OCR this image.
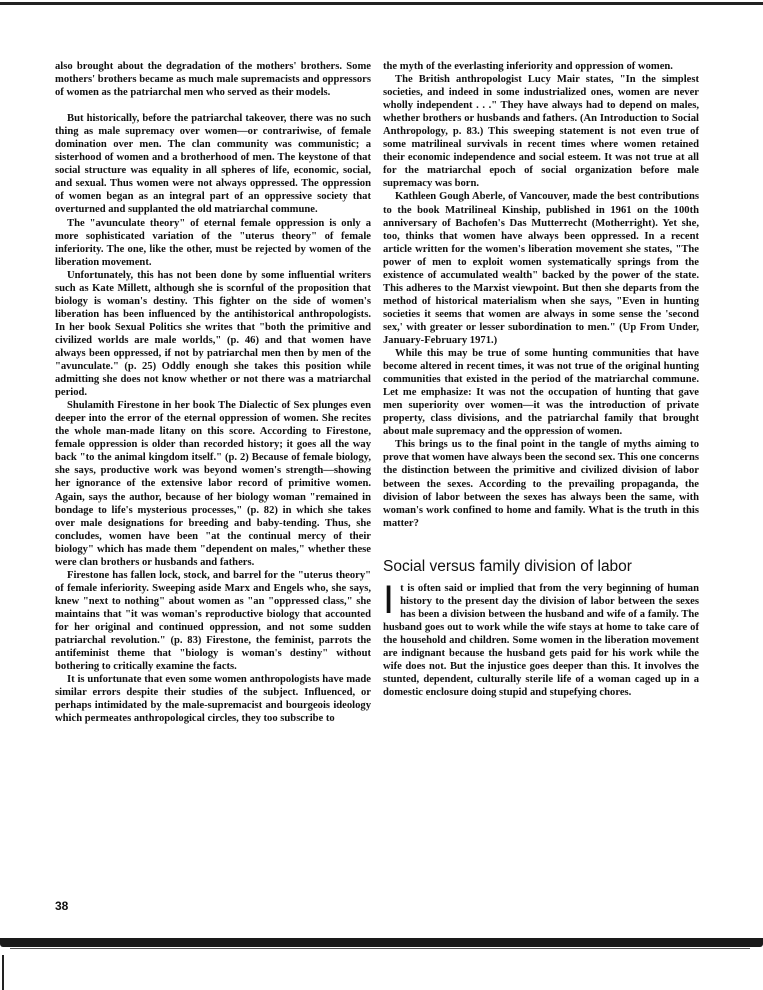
also brought about the degradation of the mothers' brothers. Some mothers' brothers became as much male supremacists and oppressors of women as the patriarchal men who served as their models.

But historically, before the patriarchal takeover, there was no such thing as male supremacy over women—or contrariwise, of female domination over men. The clan community was communistic; a sisterhood of women and a brotherhood of men. The keystone of that social structure was equality in all spheres of life, economic, social, and sexual. Thus women were not always oppressed. The oppression of women began as an integral part of an oppressive society that overturned and supplanted the old matriarchal commune.

The "avunculate theory" of eternal female oppression is only a more sophisticated variation of the "uterus theory" of female inferiority. The one, like the other, must be rejected by women of the liberation movement.

Unfortunately, this has not been done by some influential writers such as Kate Millett, although she is scornful of the proposition that biology is woman's destiny. This fighter on the side of women's liberation has been influenced by the antihistorical anthropologists. In her book Sexual Politics she writes that "both the primitive and civilized worlds are male worlds," (p. 46) and that women have always been oppressed, if not by patriarchal men then by men of the "avunculate." (p. 25) Oddly enough she takes this position while admitting she does not know whether or not there was a matriarchal period.

Shulamith Firestone in her book The Dialectic of Sex plunges even deeper into the error of the eternal oppression of women. She recites the whole man-made litany on this score. According to Firestone, female oppression is older than recorded history; it goes all the way back "to the animal kingdom itself." (p. 2) Because of female biology, she says, productive work was beyond women's strength—showing her ignorance of the extensive labor record of primitive women. Again, says the author, because of her biology woman "remained in bondage to life's mysterious processes," (p. 82) in which she takes over male designations for breeding and baby-tending. Thus, she concludes, women have been "at the continual mercy of their biology" which has made them "dependent on males," whether these were clan brothers or husbands and fathers.

Firestone has fallen lock, stock, and barrel for the "uterus theory" of female inferiority. Sweeping aside Marx and Engels who, she says, knew "next to nothing" about women as "an "oppressed class," she maintains that "it was woman's reproductive biology that accounted for her original and continued oppression, and not some sudden patriarchal revolution." (p. 83) Firestone, the feminist, parrots the antifeminist theme that "biology is woman's destiny" without bothering to critically examine the facts.

It is unfortunate that even some women anthropologists have made similar errors despite their studies of the subject. Influenced, or perhaps intimidated by the male-supremacist and bourgeois ideology which permeates anthropological circles, they too subscribe to

the myth of the everlasting inferiority and oppression of women.

The British anthropologist Lucy Mair states, "In the simplest societies, and indeed in some industrialized ones, women are never wholly independent . . ." They have always had to depend on males, whether brothers or husbands and fathers. (An Introduction to Social Anthropology, p. 83.) This sweeping statement is not even true of some matrilineal survivals in recent times where women retained their economic independence and social esteem. It was not true at all for the matriarchal epoch of social organization before male supremacy was born.

Kathleen Gough Aberle, of Vancouver, made the best contributions to the book Matrilineal Kinship, published in 1961 on the 100th anniversary of Bachofen's Das Mutterrecht (Motherright). Yet she, too, thinks that women have always been oppressed. In a recent article written for the women's liberation movement she states, "The power of men to exploit women systematically springs from the existence of accumulated wealth" backed by the power of the state. This adheres to the Marxist viewpoint. But then she departs from the method of historical materialism when she says, "Even in hunting societies it seems that women are always in some sense the 'second sex,' with greater or lesser subordination to men." (Up From Under, January-February 1971.)

While this may be true of some hunting communities that have become altered in recent times, it was not true of the original hunting communities that existed in the period of the matriarchal commune. Let me emphasize: It was not the occupation of hunting that gave men superiority over women—it was the introduction of private property, class divisions, and the patriarchal family that brought about male supremacy and the oppression of women.

This brings us to the final point in the tangle of myths aiming to prove that women have always been the second sex. This one concerns the distinction between the primitive and civilized division of labor between the sexes. According to the prevailing propaganda, the division of labor between the sexes has always been the same, with woman's work confined to home and family. What is the truth in this matter?

Social versus family division of labor

It is often said or implied that from the very beginning of human history to the present day the division of labor between the sexes has been a division between the husband and wife of a family. The husband goes out to work while the wife stays at home to take care of the household and children. Some women in the liberation movement are indignant because the husband gets paid for his work while the wife does not. But the injustice goes deeper than this. It involves the stunted, dependent, culturally sterile life of a woman caged up in a domestic enclosure doing stupid and stupefying chores.

38
